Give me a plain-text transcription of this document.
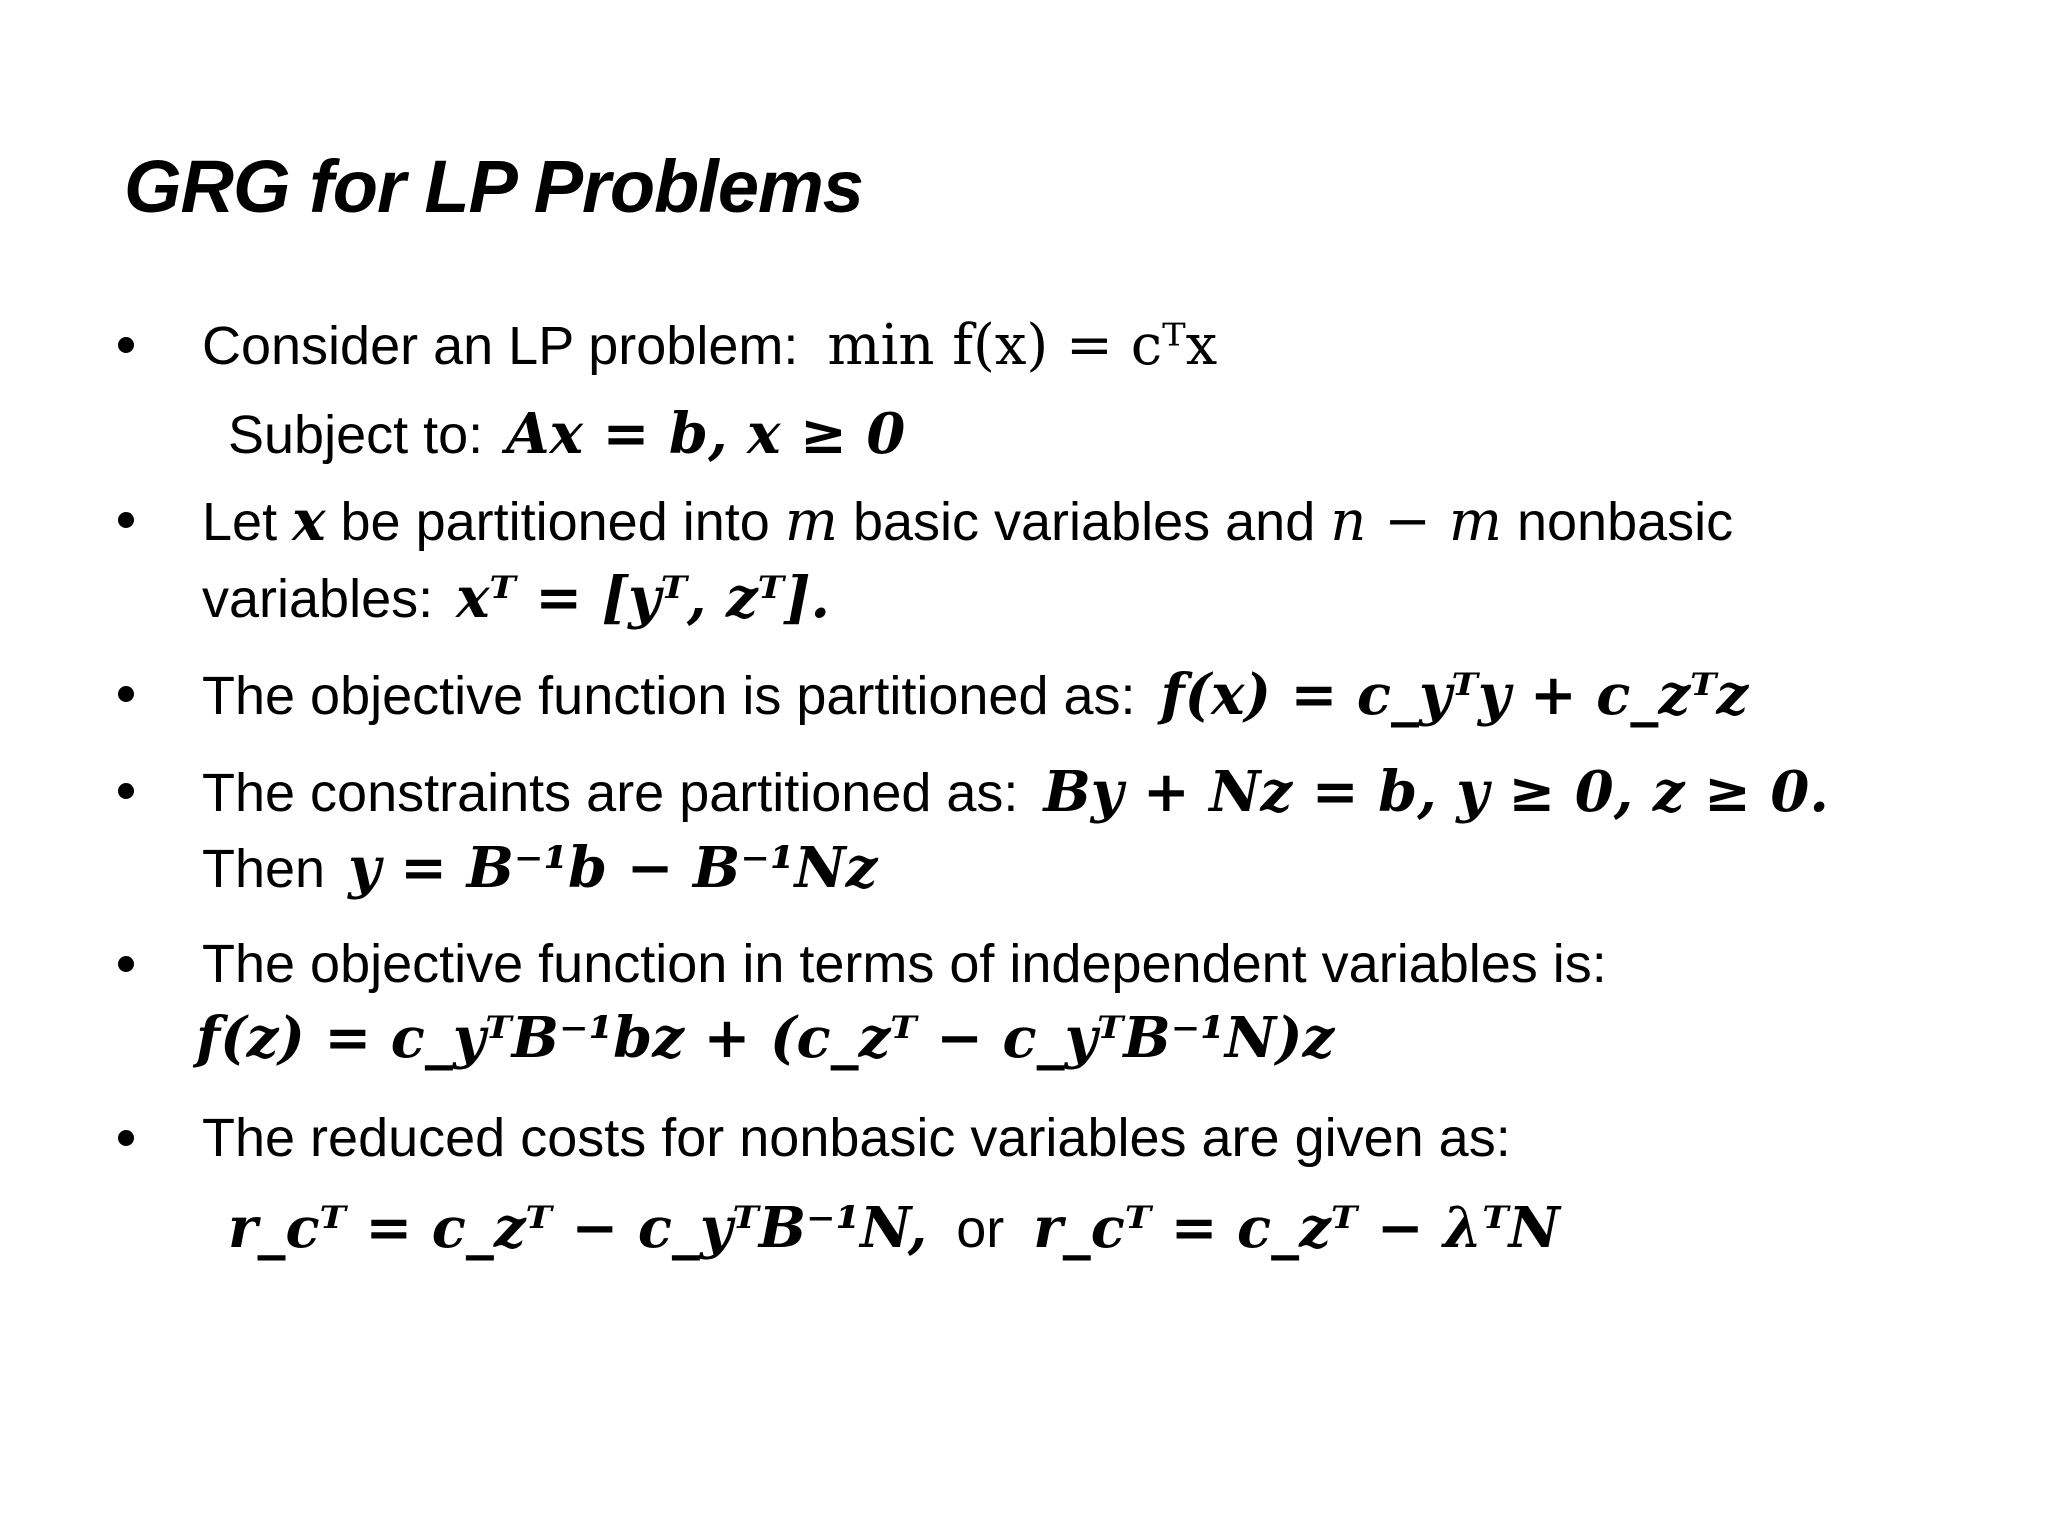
GRG for LP Problems
Consider an LP problem: min f(x) = cᵀx
Subject to: Ax = b, x ≥ 0
Let x be partitioned into m basic variables and n − m nonbasic
variables: xᵀ = [yᵀ, zᵀ].
The objective function is partitioned as: f(x) = c_yᵀy + c_zᵀz
The constraints are partitioned as: By + Nz = b, y ≥ 0, z ≥ 0.
Then y = B⁻¹b − B⁻¹Nz
The objective function in terms of independent variables is:
f(z) = c_yᵀB⁻¹bz + (c_zᵀ − c_yᵀB⁻¹N)z
The reduced costs for nonbasic variables are given as:
r_cᵀ = c_zᵀ − c_yᵀB⁻¹N, or r_cᵀ = c_zᵀ − λᵀN
